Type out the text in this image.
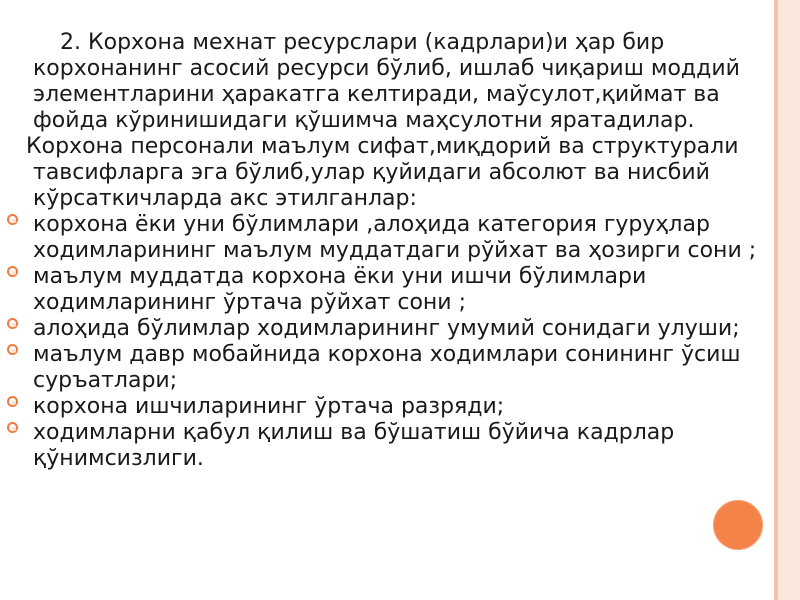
2. Корхона мехнат ресурслари (кадрлари)и ҳар бир корхонанинг асосий ресурси бўлиб, ишлаб чиқариш моддий элементларини ҳаракатга келтиради, маўсулот,қиймат ва фойда кўринишидаги қўшимча маҳсулотни яратадилар.

Корхона персонали маълум сифат,миқдорий ва структурали тавсифларга эга бўлиб,улар қуйидаги абсолют ва нисбий кўрсаткичларда акс этилганлар:

корхона ёки уни бўлимлари ,алоҳида категория гуруҳлар ходимларининг маълум муддатдаги рўйхат ва ҳозирги сони ;
маълум муддатда корхона ёки уни ишчи бўлимлари ходимларининг ўртача рўйхат сони ;
алоҳида бўлимлар ходимларининг умумий сонидаги улуши;
маълум давр мобайнида корхона ходимлари сонининг ўсиш суръатлари;
корхона ишчиларининг ўртача разряди;
ходимларни қабул қилиш ва бўшатиш бўйича кадрлар қўнимсизлиги.
